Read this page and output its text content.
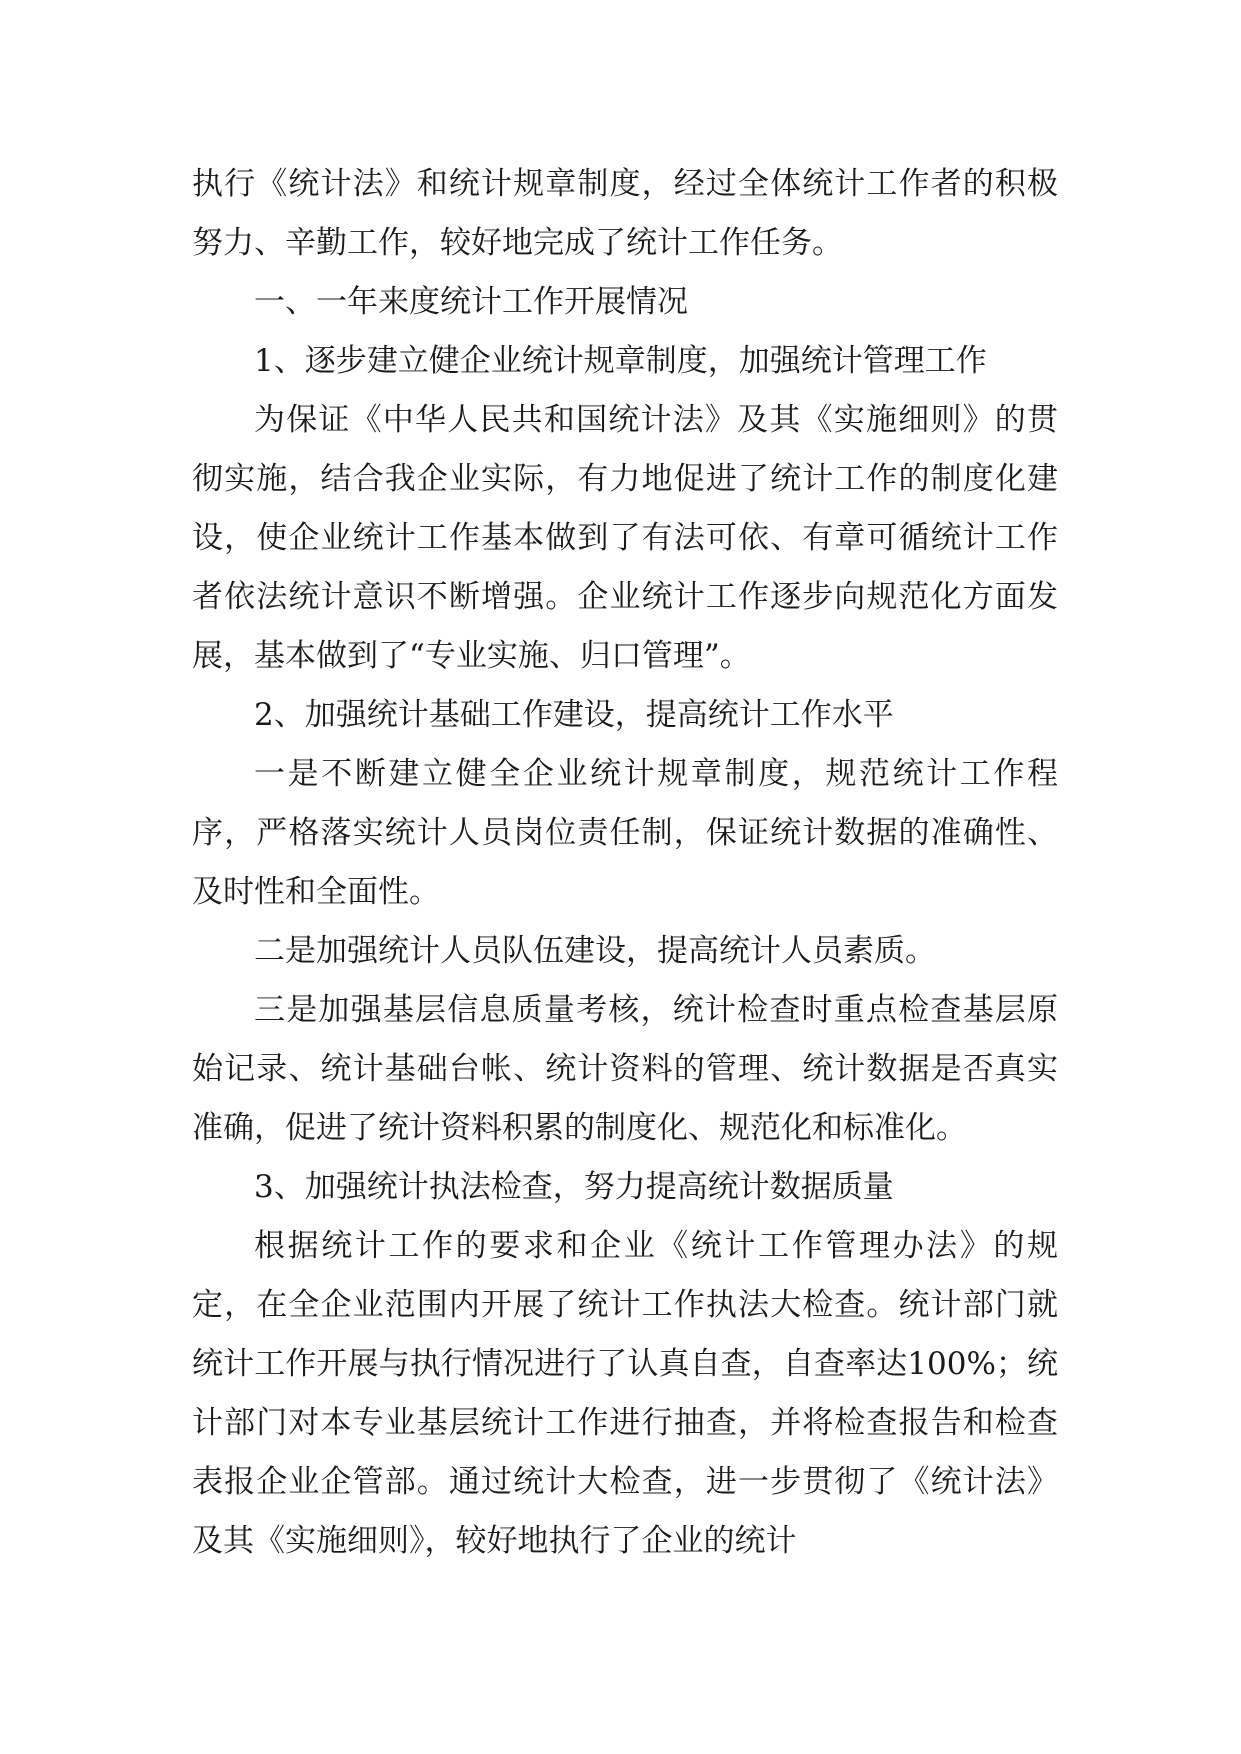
执行《统计法》和统计规章制度，经过全体统计工作者的积极努力、辛勤工作，较好地完成了统计工作任务。

一、一年来度统计工作开展情况

1、逐步建立健企业统计规章制度，加强统计管理工作

为保证《中华人民共和国统计法》及其《实施细则》的贯彻实施，结合我企业实际，有力地促进了统计工作的制度化建设，使企业统计工作基本做到了有法可依、有章可循统计工作者依法统计意识不断增强。企业统计工作逐步向规范化方面发展，基本做到了“专业实施、归口管理”。

2、加强统计基础工作建设，提高统计工作水平

一是不断建立健全企业统计规章制度，规范统计工作程序，严格落实统计人员岗位责任制，保证统计数据的准确性、及时性和全面性。

二是加强统计人员队伍建设，提高统计人员素质。

三是加强基层信息质量考核，统计检查时重点检查基层原始记录、统计基础台帐、统计资料的管理、统计数据是否真实准确，促进了统计资料积累的制度化、规范化和标准化。

3、加强统计执法检查，努力提高统计数据质量

根据统计工作的要求和企业《统计工作管理办法》的规定，在全企业范围内开展了统计工作执法大检查。统计部门就统计工作开展与执行情况进行了认真自查，自查率达100%；统计部门对本专业基层统计工作进行抽查，并将检查报告和检查表报企业企管部。通过统计大检查，进一步贯彻了《统计法》及其《实施细则》，较好地执行了企业的统计
